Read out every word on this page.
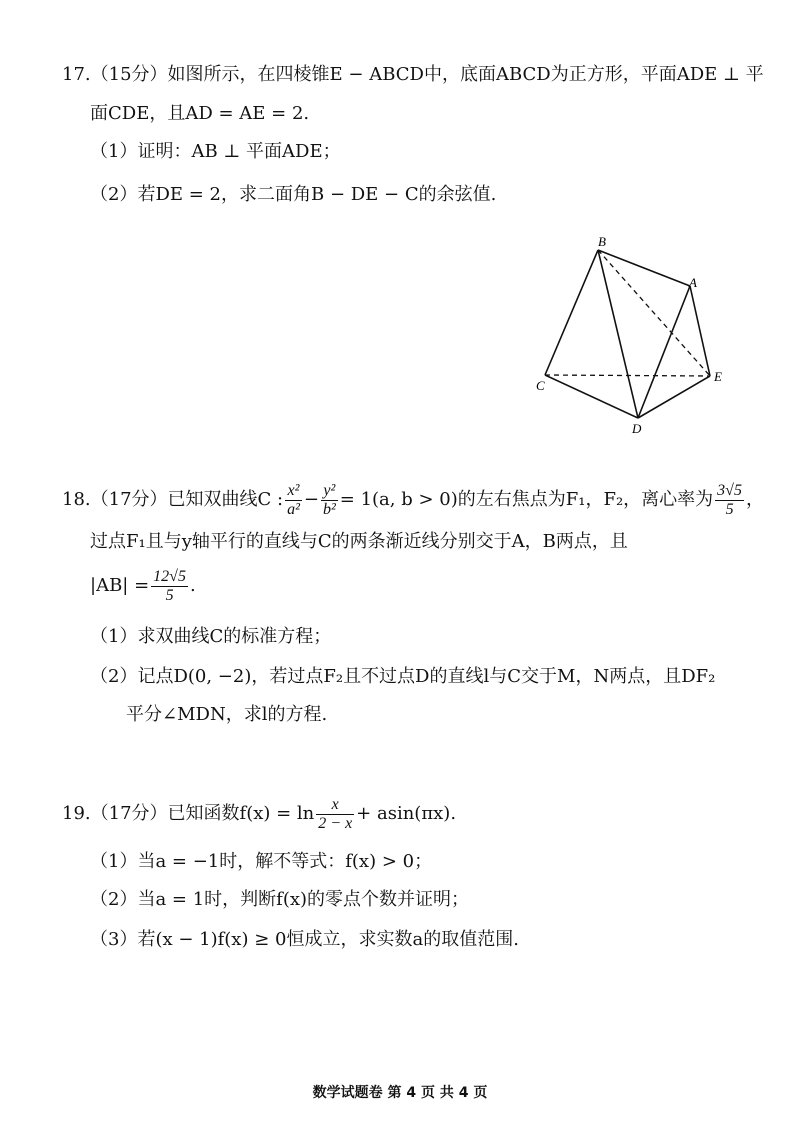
17.（15分）如图所示，在四棱锥E − ABCD中，底面ABCD为正方形，平面ADE ⊥ 平
面CDE，且AD = AE = 2.
（1）证明：AB ⊥ 平面ADE；
（2）若DE = 2，求二面角B − DE − C的余弦值.
B
A
C
E
D
18.（17分）已知双曲线C : $\frac{\text{x²}}{\text{a²}} - \frac{\text{y²}}{\text{b²}} = 1(a$, b > 0)的左右焦点为F₁，F₂，离心率为 $\frac{3√5}{5}$ ，
过点F₁且与y轴平行的直线与C的两条渐近线分别交于A，B两点，且
$|AB| = \frac{12√5}{5}$ .
（1）求双曲线C的标准方程；
（2）记点D(0, −2)，若过点F₂且不过点D的直线l与C交于M，N两点，且DF₂
平分∠MDN，求l的方程.
19.（17分）已知函数$f(x) = \ln \frac{x}{2 - x} + asin(\pi x)$.
（1）当a = −1时，解不等式：f(x) > 0；
（2）当a = 1时，判断f(x)的零点个数并证明；
（3）若(x − 1)f(x) ≥ 0恒成立，求实数a的取值范围.
数学试题卷 第 4 页 共 4 页
